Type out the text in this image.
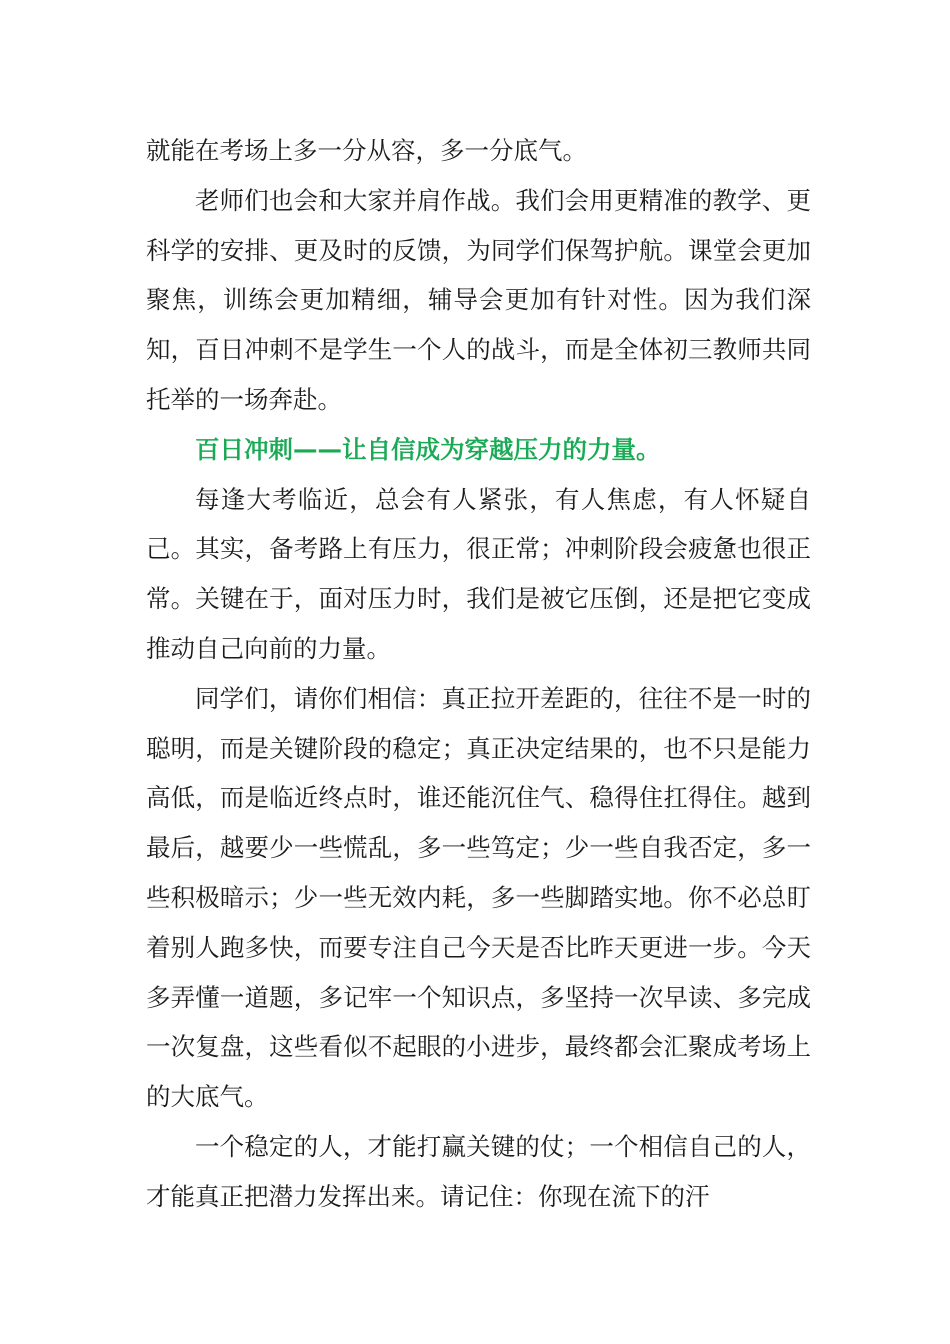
就能在考场上多一分从容，多一分底气。

老师们也会和大家并肩作战。我们会用更精准的教学、更科学的安排、更及时的反馈，为同学们保驾护航。课堂会更加聚焦，训练会更加精细，辅导会更加有针对性。因为我们深知，百日冲刺不是学生一个人的战斗，而是全体初三教师共同托举的一场奔赴。

百日冲刺——让自信成为穿越压力的力量。

每逢大考临近，总会有人紧张，有人焦虑，有人怀疑自己。其实，备考路上有压力，很正常；冲刺阶段会疲惫也很正常。关键在于，面对压力时，我们是被它压倒，还是把它变成推动自己向前的力量。

同学们，请你们相信：真正拉开差距的，往往不是一时的聪明，而是关键阶段的稳定；真正决定结果的，也不只是能力高低，而是临近终点时，谁还能沉住气、稳得住扛得住。越到最后，越要少一些慌乱，多一些笃定；少一些自我否定，多一些积极暗示；少一些无效内耗，多一些脚踏实地。你不必总盯着别人跑多快，而要专注自己今天是否比昨天更进一步。今天多弄懂一道题，多记牢一个知识点，多坚持一次早读、多完成一次复盘，这些看似不起眼的小进步，最终都会汇聚成考场上的大底气。

一个稳定的人，才能打赢关键的仗；一个相信自己的人，才能真正把潜力发挥出来。请记住：你现在流下的汗
